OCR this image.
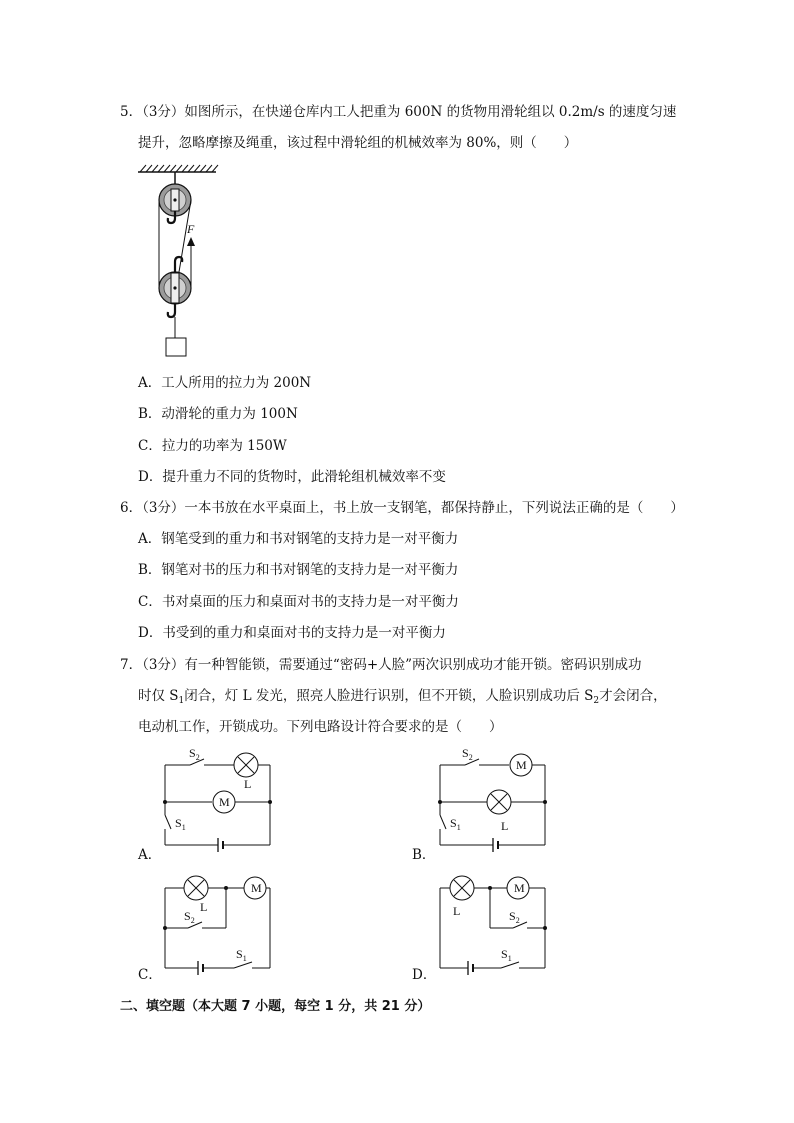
5．（3分）如图所示，在快递仓库内工人把重为 600N 的货物用滑轮组以 0.2m/s 的速度匀速
提升，忽略摩擦及绳重，该过程中滑轮组的机械效率为 80%，则（　　）
F
A．工人所用的拉力为 200N
B．动滑轮的重力为 100N
C．拉力的功率为 150W
D．提升重力不同的货物时，此滑轮组机械效率不变
6．（3分）一本书放在水平桌面上，书上放一支钢笔，都保持静止，下列说法正确的是（　　）
A．钢笔受到的重力和书对钢笔的支持力是一对平衡力
B．钢笔对书的压力和书对钢笔的支持力是一对平衡力
C．书对桌面的压力和桌面对书的支持力是一对平衡力
D．书受到的重力和桌面对书的支持力是一对平衡力
7．（3分）有一种智能锁，需要通过“密码+人脸”两次识别成功才能开锁。密码识别成功
时仅 $S_1$闭合，灯 L 发光，照亮人脸进行识别，但不开锁，人脸识别成功后 $S_2$才会闭合，
电动机工作，开锁成功。下列电路设计符合要求的是（　　）
$S_2$
L
M
$S_1$
A．
$S_2$
M
L
$S_1$
B．
M
L
$S_2$
$S_1$
C．
M
L	$S_2$
$S_1$
D．
二、填空题（本大题 7 小题，每空 1 分，共 21 分）
